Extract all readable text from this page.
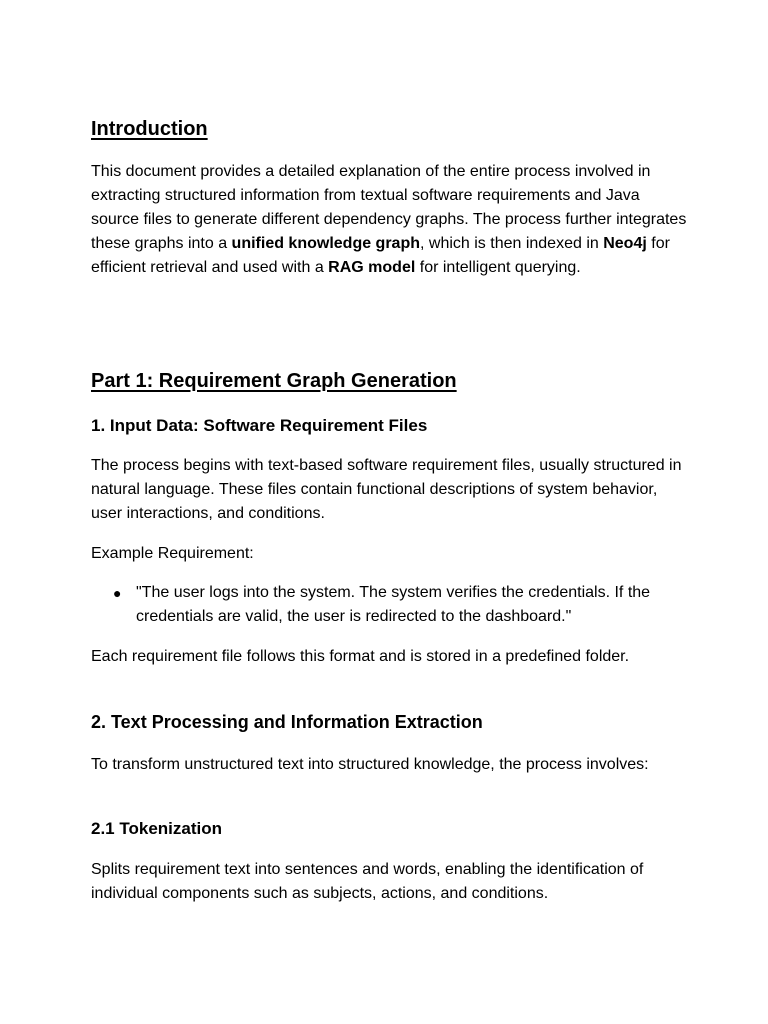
Introduction

This document provides a detailed explanation of the entire process involved in extracting structured information from textual software requirements and Java source files to generate different dependency graphs. The process further integrates these graphs into a unified knowledge graph, which is then indexed in Neo4j for efficient retrieval and used with a RAG model for intelligent querying.

Part 1: Requirement Graph Generation
1. Input Data: Software Requirement Files

The process begins with text-based software requirement files, usually structured in natural language. These files contain functional descriptions of system behavior, user interactions, and conditions.

Example Requirement:

● "The user logs into the system. The system verifies the credentials. If the credentials are valid, the user is redirected to the dashboard."

Each requirement file follows this format and is stored in a predefined folder.

2. Text Processing and Information Extraction

To transform unstructured text into structured knowledge, the process involves:

2.1 Tokenization

Splits requirement text into sentences and words, enabling the identification of individual components such as subjects, actions, and conditions.
